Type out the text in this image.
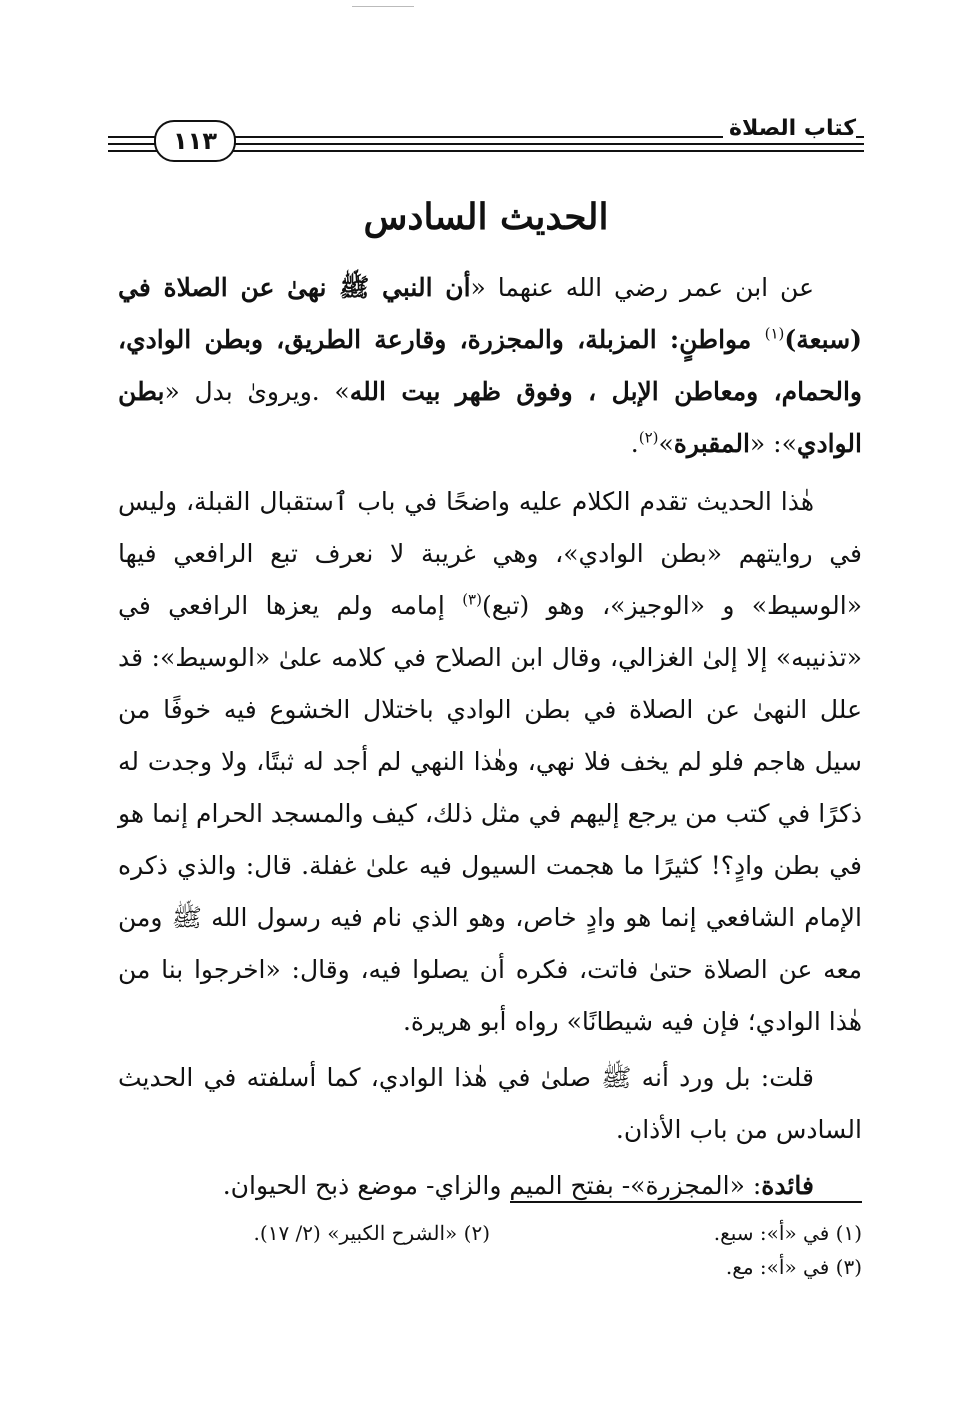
كتاب الصلاة
١١٣
الحديث السادس

عن ابن عمر رضي الله عنهما «أن النبي ﷺ نهىٰ عن الصلاة في (سبعة)$^{(١)}$ مواطنٍ: المزبلة، والمجزرة، وقارعة الطريق، وبطن الوادي، والحمام، ومعاطن الإبل ، وفوق ظهر بيت الله» .ويروىٰ بدل «بطن الوادي»: «المقبرة»$^{(٢)}$.

هٰذا الحديث تقدم الكلام عليه واضحًا في باب ٱستقبال القبلة، وليس في روايتهم «بطن الوادي»، وهي غريبة لا نعرف تبع الرافعي فيها «الوسيط» و «الوجيز»، وهو (تبع)$^{(٣)}$ إمامه ولم يعزها الرافعي في «تذنيبه» إلا إلىٰ الغزالي، وقال ابن الصلاح في كلامه علىٰ «الوسيط»: قد علل النهىٰ عن الصلاة في بطن الوادي باختلال الخشوع فيه خوفًا من سيل هاجم فلو لم يخف فلا نهي، وهٰذا النهي لم أجد له ثبتًا، ولا وجدت له ذكرًا في كتب من يرجع إليهم في مثل ذلك، كيف والمسجد الحرام إنما هو في بطن وادٍ؟! كثيرًا ما هجمت السيول فيه علىٰ غفلة. قال: والذي ذكره الإمام الشافعي إنما هو وادٍ خاص، وهو الذي نام فيه رسول الله ﷺ ومن معه عن الصلاة حتىٰ فاتت، فكره أن يصلوا فيه، وقال: «اخرجوا بنا من هٰذا الوادي؛ فإن فيه شيطانًا» رواه أبو هريرة.

قلت: بل ورد أنه ﷺ صلىٰ في هٰذا الوادي، كما أسلفته في الحديث السادس من باب الأذان.

فائدة: «المجزرة»- بفتح الميم والزاي- موضع ذبح الحيوان.

(١) في «أ»: سبع.
(٢) «الشرح الكبير» (٢/ ١٧).
(٣) في «أ»: مع.
